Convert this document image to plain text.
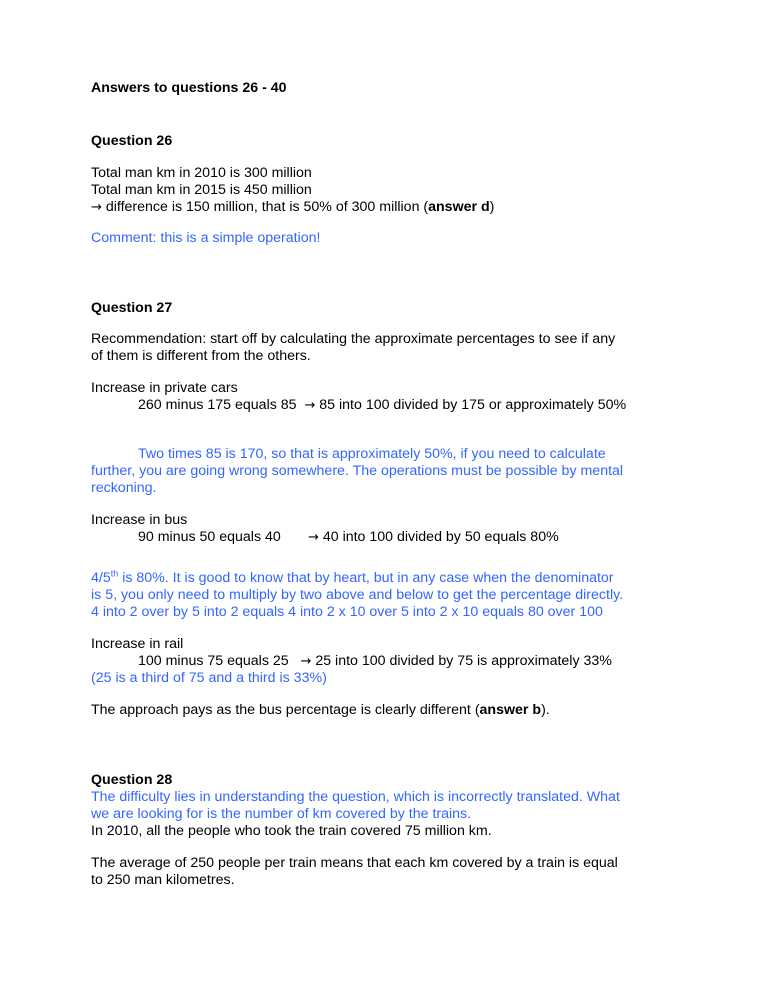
Answers to questions 26 - 40
Question 26
Total man km in 2010 is 300 million
Total man km in 2015 is 450 million
→ difference is 150 million, that is 50% of 300 million (answer d)
Comment: this is a simple operation!
Question 27
Recommendation: start off by calculating the approximate percentages to see if any
of them is different from the others.
Increase in private cars
260 minus 175 equals 85 → 85 into 100 divided by 175 or approximately 50%
Two times 85 is 170, so that is approximately 50%, if you need to calculate
further, you are going wrong somewhere. The operations must be possible by mental
reckoning.
Increase in bus
90 minus 50 equals 40 → 40 into 100 divided by 50 equals 80%
4/5th is 80%. It is good to know that by heart, but in any case when the denominator
is 5, you only need to multiply by two above and below to get the percentage directly.
4 into 2 over by 5 into 2 equals 4 into 2 x 10 over 5 into 2 x 10 equals 80 over 100
Increase in rail
100 minus 75 equals 25 → 25 into 100 divided by 75 is approximately 33%
(25 is a third of 75 and a third is 33%)
The approach pays as the bus percentage is clearly different (answer b).
Question 28
The difficulty lies in understanding the question, which is incorrectly translated. What
we are looking for is the number of km covered by the trains.
In 2010, all the people who took the train covered 75 million km.
The average of 250 people per train means that each km covered by a train is equal
to 250 man kilometres.
